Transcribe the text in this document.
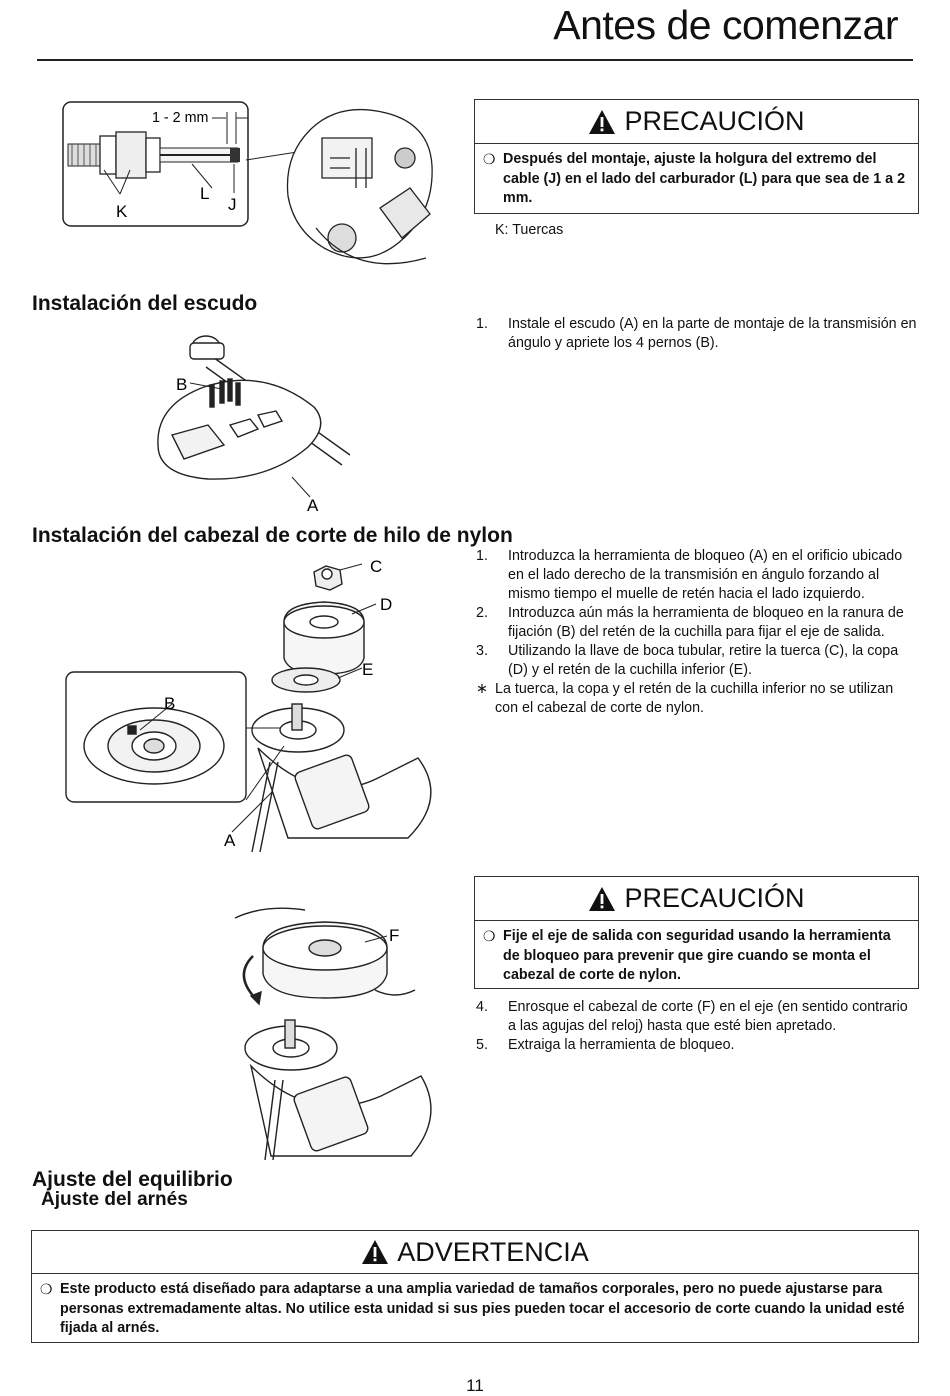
Antes de comenzar
1 - 2 mm
K
L
J
PRECAUCIÓN
❍ Después del montaje, ajuste la holgura del extremo del cable (J) en el lado del carburador (L) para que sea de 1 a 2 mm.
K: Tuercas
Instalación del escudo
B
A
1.	Instale el escudo (A) en la parte de montaje de la transmisión en ángulo y apriete los 4 pernos (B).
Instalación del cabezal de corte de hilo de nylon
C
D
E
B
A
1.	Introduzca la herramienta de bloqueo (A) en el orificio ubicado en el lado derecho de la transmisión en ángulo forzando al mismo tiempo el muelle de retén hacia el lado izquierdo.
2.	Introduzca aún más la herramienta de bloqueo en la ranura de fijación (B) del retén de la cuchilla para fijar el eje de salida.
3.	Utilizando la llave de boca tubular, retire la tuerca (C), la copa (D) y el retén de la cuchilla inferior (E).
∗ La tuerca, la copa y el retén de la cuchilla inferior no se utilizan con el cabezal de corte de nylon.
PRECAUCIÓN
❍ Fije el eje de salida con seguridad usando la herramienta de bloqueo para prevenir que gire cuando se monta el cabezal de corte de nylon.
4.	Enrosque el cabezal de corte (F) en el eje (en sentido contrario a las agujas del reloj) hasta que esté bien apretado.
5.	Extraiga la herramienta de bloqueo.
F
Ajuste del equilibrio
Ajuste del arnés
ADVERTENCIA
❍ Este producto está diseñado para adaptarse a una amplia variedad de tamaños corporales, pero no puede ajustarse para personas extremadamente altas. No utilice esta unidad si sus pies pueden tocar el accesorio de corte cuando la unidad esté fijada al arnés.
11
